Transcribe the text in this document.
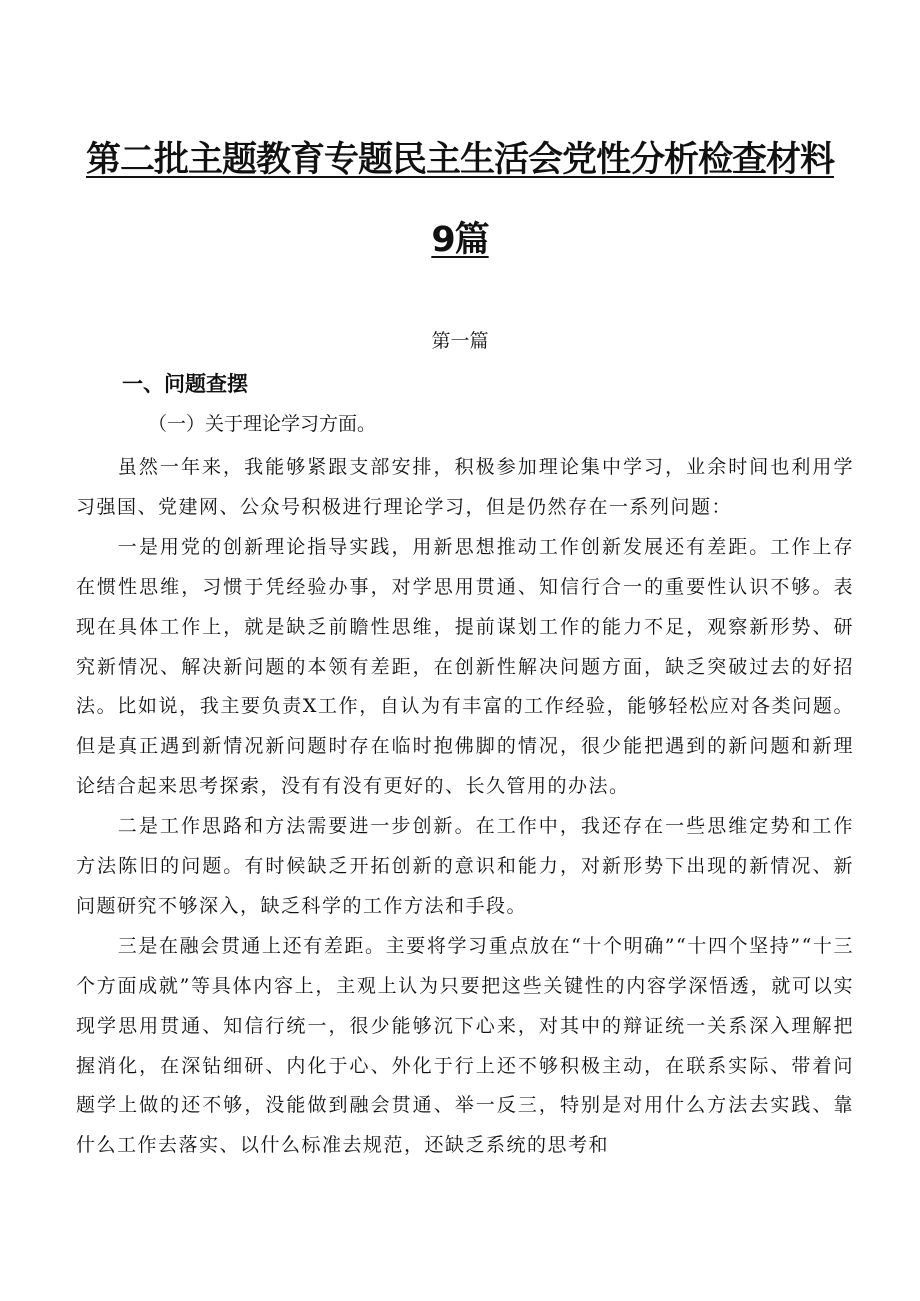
第二批主题教育专题民主生活会党性分析检查材料
9篇
第一篇
一、问题查摆
（一）关于理论学习方面。

虽然一年来，我能够紧跟支部安排，积极参加理论集中学习，业余时间也利用学习强国、党建网、公众号积极进行理论学习，但是仍然存在一系列问题：

一是用党的创新理论指导实践，用新思想推动工作创新发展还有差距。工作上存在惯性思维，习惯于凭经验办事，对学思用贯通、知信行合一的重要性认识不够。表现在具体工作上，就是缺乏前瞻性思维，提前谋划工作的能力不足，观察新形势、研究新情况、解决新问题的本领有差距，在创新性解决问题方面，缺乏突破过去的好招法。比如说，我主要负责X工作，自认为有丰富的工作经验，能够轻松应对各类问题。但是真正遇到新情况新问题时存在临时抱佛脚的情况，很少能把遇到的新问题和新理论结合起来思考探索，没有有没有更好的、长久管用的办法。

二是工作思路和方法需要进一步创新。在工作中，我还存在一些思维定势和工作方法陈旧的问题。有时候缺乏开拓创新的意识和能力，对新形势下出现的新情况、新问题研究不够深入，缺乏科学的工作方法和手段。

三是在融会贯通上还有差距。主要将学习重点放在“十个明确”“十四个坚持”“十三个方面成就”等具体内容上，主观上认为只要把这些关键性的内容学深悟透，就可以实现学思用贯通、知信行统一，很少能够沉下心来，对其中的辩证统一关系深入理解把握消化，在深钻细研、内化于心、外化于行上还不够积极主动，在联系实际、带着问题学上做的还不够，没能做到融会贯通、举一反三，特别是对用什么方法去实践、靠什么工作去落实、以什么标准去规范，还缺乏系统的思考和
